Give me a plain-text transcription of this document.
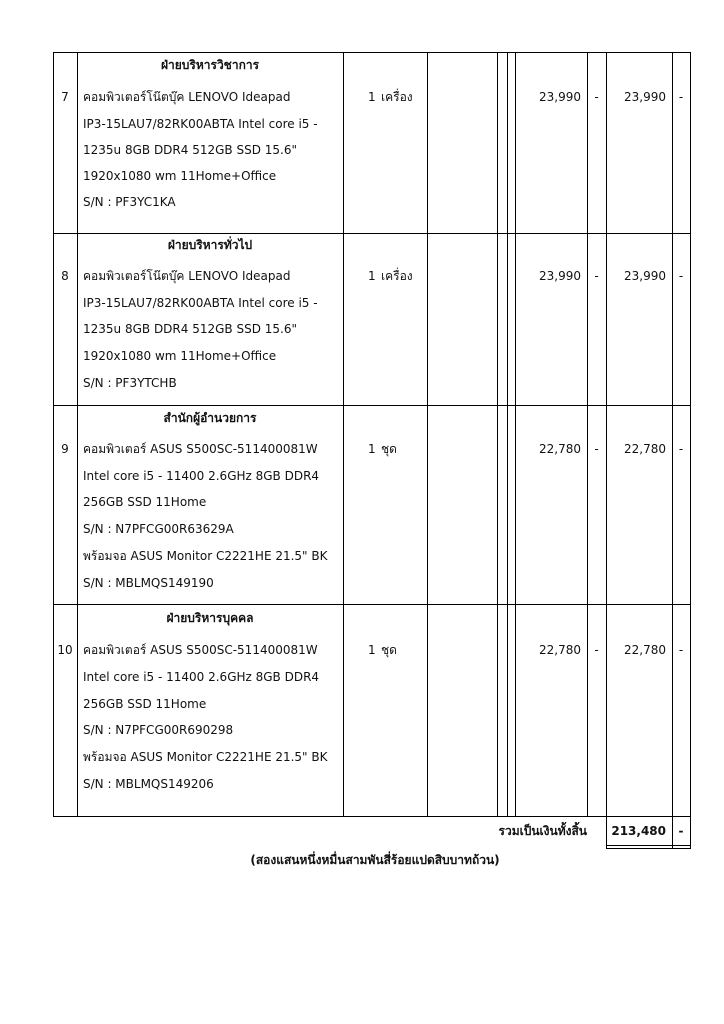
ฝ่ายบริหารวิชาการ
7	คอมพิวเตอร์โน๊ตบุ๊ค LENOVO Ideapad
IP3-15LAU7/82RK00ABTA Intel core i5 -
1235u 8GB DDR4 512GB SSD 15.6"
1920x1080 wm 11Home+Office
S/N : PF3YC1KA
1 เครื่อง	23,990	-	23,990	-
ฝ่ายบริหารทั่วไป
8	คอมพิวเตอร์โน๊ตบุ๊ค LENOVO Ideapad
IP3-15LAU7/82RK00ABTA Intel core i5 -
1235u 8GB DDR4 512GB SSD 15.6"
1920x1080 wm 11Home+Office
S/N : PF3YTCHB
1 เครื่อง	23,990	-	23,990	-
สำนักผู้อำนวยการ
9	คอมพิวเตอร์ ASUS S500SC-511400081W
Intel core i5 - 11400 2.6GHz 8GB DDR4
256GB SSD 11Home
S/N : N7PFCG00R63629A
พร้อมจอ ASUS Monitor C2221HE 21.5" BK
S/N : MBLMQS149190
1 ชุด	22,780	-	22,780	-
ฝ่ายบริหารบุคคล
10 คอมพิวเตอร์ ASUS S500SC-511400081W
Intel core i5 - 11400 2.6GHz 8GB DDR4
256GB SSD 11Home
S/N : N7PFCG00R690298
พร้อมจอ ASUS Monitor C2221HE 21.5" BK
S/N : MBLMQS149206
1 ชุด	22,780	-	22,780	-
รวมเป็นเงินทั้งสิ้น	213,480	-
(สองแสนหนึ่งหมื่นสามพันสี่ร้อยแปดสิบบาทถ้วน)
